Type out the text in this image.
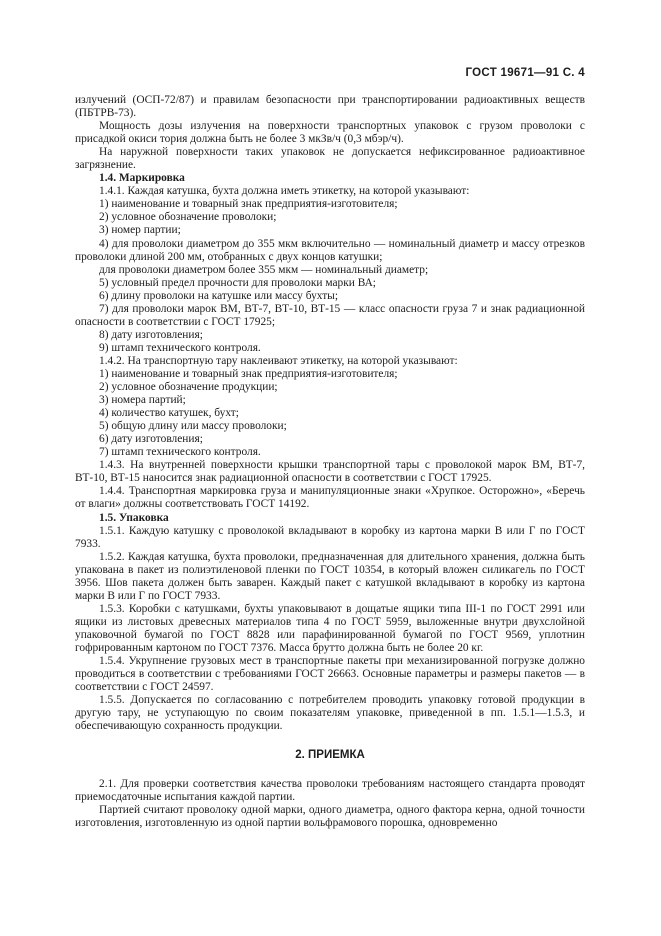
ГОСТ 19671—91 С. 4
излучений (ОСП-72/87) и правилам безопасности при транспортировании радиоактивных веществ (ПБТРВ-73).
Мощность дозы излучения на поверхности транспортных упаковок с грузом проволоки с присадкой окиси тория должна быть не более 3 мкЗв/ч (0,3 мбэр/ч).
На наружной поверхности таких упаковок не допускается нефиксированное радиоактивное загрязнение.
1.4. Маркировка
1.4.1. Каждая катушка, бухта должна иметь этикетку, на которой указывают:
1) наименование и товарный знак предприятия-изготовителя;
2) условное обозначение проволоки;
3) номер партии;
4) для проволоки диаметром до 355 мкм включительно — номинальный диаметр и массу отрезков проволоки длиной 200 мм, отобранных с двух концов катушки;
для проволоки диаметром более 355 мкм — номинальный диаметр;
5) условный предел прочности для проволоки марки ВА;
6) длину проволоки на катушке или массу бухты;
7) для проволоки марок ВМ, ВТ-7, ВТ-10, ВТ-15 — класс опасности груза 7 и знак радиационной опасности в соответствии с ГОСТ 17925;
8) дату изготовления;
9) штамп технического контроля.
1.4.2. На транспортную тару наклеивают этикетку, на которой указывают:
1) наименование и товарный знак предприятия-изготовителя;
2) условное обозначение продукции;
3) номера партий;
4) количество катушек, бухт;
5) общую длину или массу проволоки;
6) дату изготовления;
7) штамп технического контроля.
1.4.3. На внутренней поверхности крышки транспортной тары с проволокой марок ВМ, ВТ-7, ВТ-10, ВТ-15 наносится знак радиационной опасности в соответствии с ГОСТ 17925.
1.4.4. Транспортная маркировка груза и манипуляционные знаки «Хрупкое. Осторожно», «Беречь от влаги» должны соответствовать ГОСТ 14192.
1.5. Упаковка
1.5.1. Каждую катушку с проволокой вкладывают в коробку из картона марки В или Г по ГОСТ 7933.
1.5.2. Каждая катушка, бухта проволоки, предназначенная для длительного хранения, должна быть упакована в пакет из полиэтиленовой пленки по ГОСТ 10354, в который вложен силикагель по ГОСТ 3956. Шов пакета должен быть заварен. Каждый пакет с катушкой вкладывают в коробку из картона марки В или Г по ГОСТ 7933.
1.5.3. Коробки с катушками, бухты упаковывают в дощатые ящики типа III-1 по ГОСТ 2991 или ящики из листовых древесных материалов типа 4 по ГОСТ 5959, выложенные внутри двухслойной упаковочной бумагой по ГОСТ 8828 или парафинированной бумагой по ГОСТ 9569, уплотнин гофрированным картоном по ГОСТ 7376. Масса брутто должна быть не более 20 кг.
1.5.4. Укрупнение грузовых мест в транспортные пакеты при механизированной погрузке должно проводиться в соответствии с требованиями ГОСТ 26663. Основные параметры и размеры пакетов — в соответствии с ГОСТ 24597.
1.5.5. Допускается по согласованию с потребителем проводить упаковку готовой продукции в другую тару, не уступающую по своим показателям упаковке, приведенной в пп. 1.5.1—1.5.3, и обеспечивающую сохранность продукции.
2. ПРИЕМКА
2.1. Для проверки соответствия качества проволоки требованиям настоящего стандарта проводят приемосдаточные испытания каждой партии.
Партией считают проволоку одной марки, одного диаметра, одного фактора керна, одной точности изготовления, изготовленную из одной партии вольфрамового порошка, одновременно
